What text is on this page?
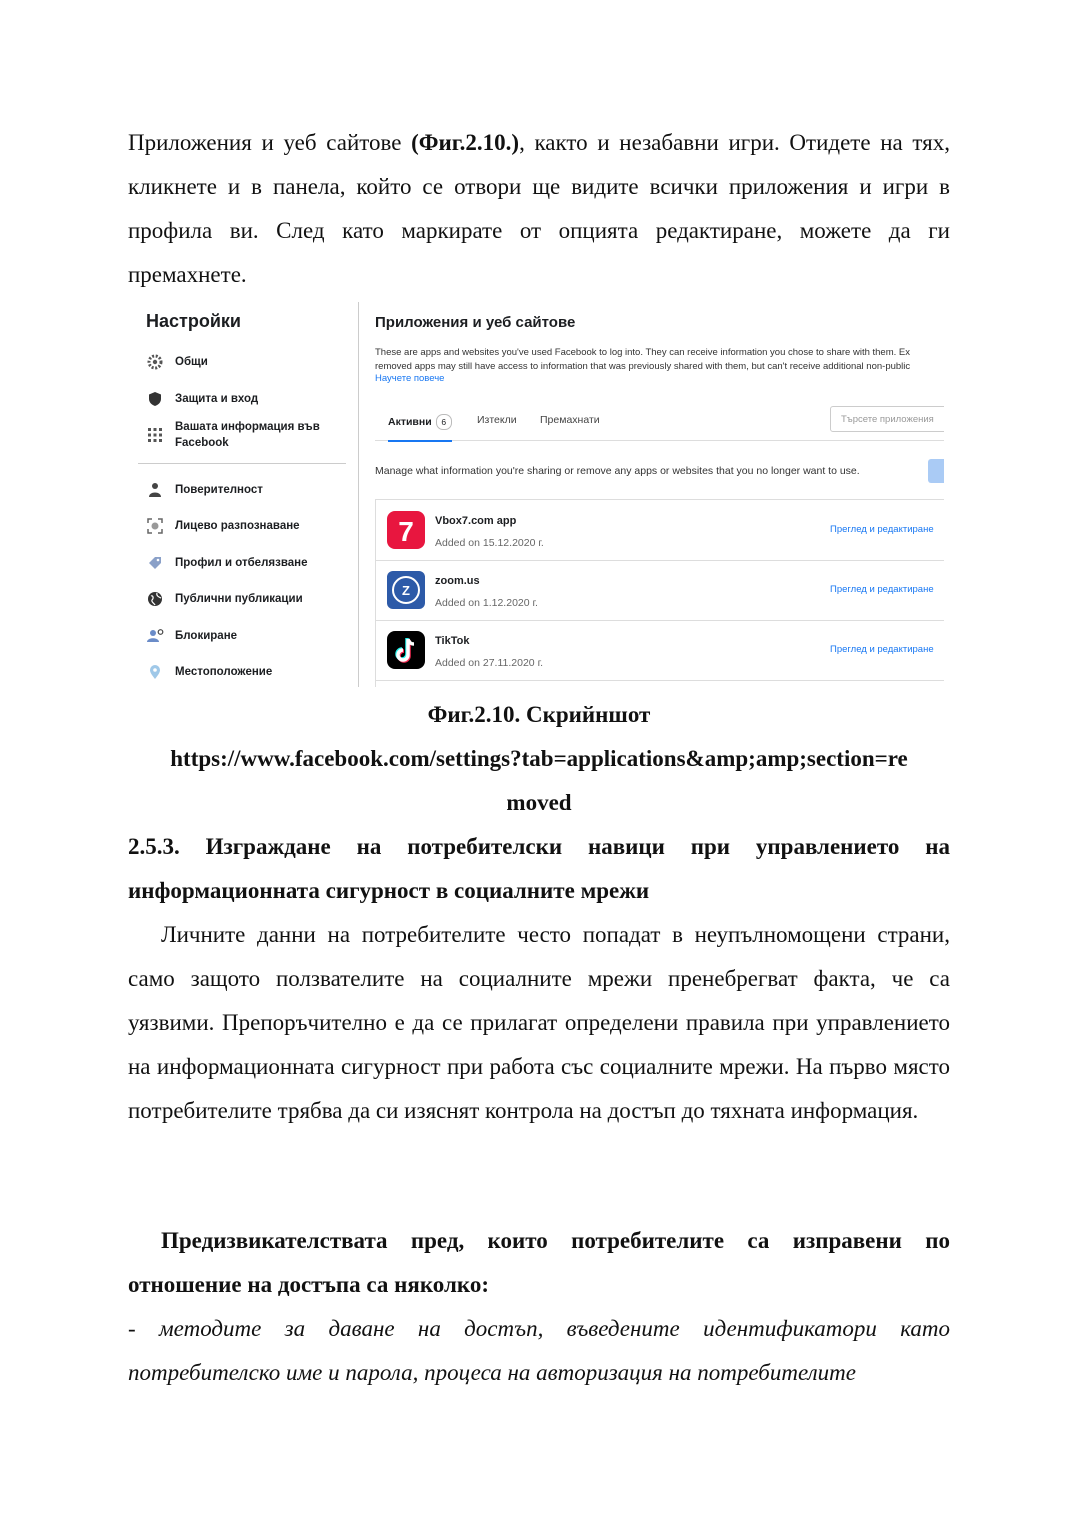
Приложения и уеб сайтове (Фиг.2.10.), както и незабавни игри. Отидете на тях, кликнете и в панела, който се отвори ще видите всички приложения и игри в профила ви. След като маркирате от опцията редактиране, можете да ги премахнете.
Настройки
Общи
Защита и вход
Вашата информация във Facebook
Поверителност
Лицево разпознаване
Профил и отбелязване
Публични публикации
Блокиране
Местоположение
Приложения и уеб сайтове
These are apps and websites you've used Facebook to log into. They can receive information you chose to share with them. Ex
removed apps may still have access to information that was previously shared with them, but can't receive additional non-public
Научете повече
Активни 6	Изтекли Премахнати	Търсете приложения
Manage what information you're sharing or remove any apps or websites that you no longer want to use.
7 Vbox7.com app
Added on 15.12.2020 г.
Преглед и редактиране
Z
zoom.us
Added on 1.12.2020 г.
Преглед и редактиране
TikTok
Added on 27.11.2020 г.
Преглед и редактиране
Фиг.2.10. Скрийншот
https://www.facebook.com/settings?tab=applications&amp;amp;section=re
moved
2.5.3. Изграждане на потребителски навици при управлението на информационната сигурност в социалните мрежи
Личните данни на потребителите често попадат в неупълномощени страни, само защото ползвателите на социалните мрежи пренебрегват факта, че са уязвими. Препоръчително е да се прилагат определени правила при управлението на информационната сигурност при работа със социалните мрежи. На първо място потребителите трябва да си изяснят контрола на достъп до тяхната информация.
Предизвикателствата пред, които потребителите са изправени по отношение на достъпа са няколко:
- методите за даване на достъп, въведените идентификатори като потребителско име и парола, процеса на авторизация на потребителите
